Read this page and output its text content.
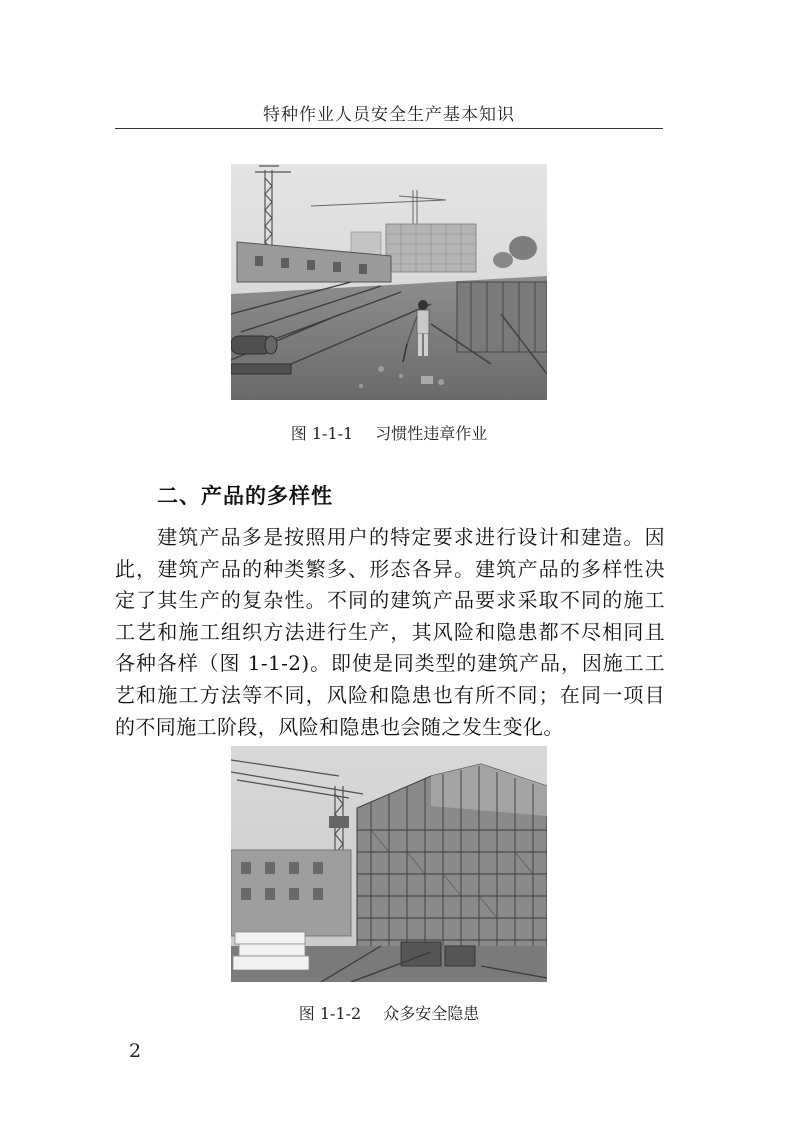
特种作业人员安全生产基本知识
图 1-1-1 习惯性违章作业
二、产品的多样性

建筑产品多是按照用户的特定要求进行设计和建造。因此，建筑产品的种类繁多、形态各异。建筑产品的多样性决定了其生产的复杂性。不同的建筑产品要求采取不同的施工工艺和施工组织方法进行生产，其风险和隐患都不尽相同且各种各样（图 1-1-2)。即使是同类型的建筑产品，因施工工艺和施工方法等不同，风险和隐患也有所不同；在同一项目的不同施工阶段，风险和隐患也会随之发生变化。

图 1-1-2 众多安全隐患
2
